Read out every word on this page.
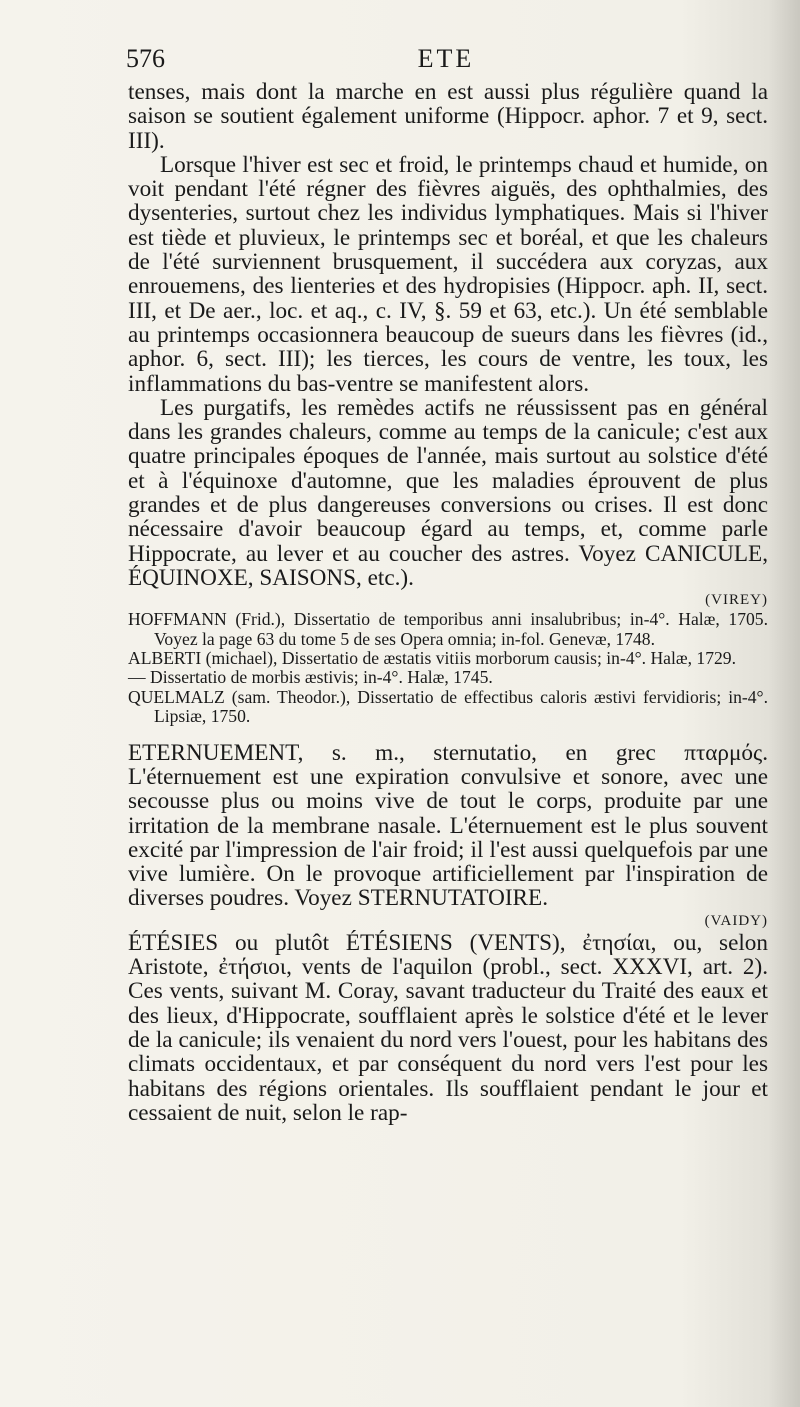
576	ETE

tenses, mais dont la marche en est aussi plus régulière quand la saison se soutient également uniforme (Hippocr. aphor. 7 et 9, sect. III).

Lorsque l'hiver est sec et froid, le printemps chaud et humide, on voit pendant l'été régner des fièvres aiguës, des ophthalmies, des dysenteries, surtout chez les individus lymphatiques. Mais si l'hiver est tiède et pluvieux, le printemps sec et boréal, et que les chaleurs de l'été surviennent brusquement, il succédera aux coryzas, aux enrouemens, des lienteries et des hydropisies (Hippocr. aph. II, sect. III, et De aer., loc. et aq., c. IV, §. 59 et 63, etc.). Un été semblable au printemps occasionnera beaucoup de sueurs dans les fièvres (id., aphor. 6, sect. III); les tierces, les cours de ventre, les toux, les inflammations du bas-ventre se manifestent alors.

Les purgatifs, les remèdes actifs ne réussissent pas en général dans les grandes chaleurs, comme au temps de la canicule; c'est aux quatre principales époques de l'année, mais surtout au solstice d'été et à l'équinoxe d'automne, que les maladies éprouvent de plus grandes et de plus dangereuses conversions ou crises. Il est donc nécessaire d'avoir beaucoup égard au temps, et, comme parle Hippocrate, au lever et au coucher des astres. Voyez CANICULE, ÉQUINOXE, SAISONS, etc.).

(VIREY)

HOFFMANN (Frid.), Dissertatio de temporibus anni insalubribus; in-4°. Halæ, 1705. Voyez la page 63 du tome 5 de ses Opera omnia; in-fol. Genevæ, 1748.

ALBERTI (michael), Dissertatio de æstatis vitiis morborum causis; in-4°. Halæ, 1729.

— Dissertatio de morbis æstivis; in-4°. Halæ, 1745.

QUELMALZ (sam. Theodor.), Dissertatio de effectibus caloris æstivi fervidioris; in-4°. Lipsiæ, 1750.

ETERNUEMENT, s. m., sternutatio, en grec πταρμός. L'éternuement est une expiration convulsive et sonore, avec une secousse plus ou moins vive de tout le corps, produite par une irritation de la membrane nasale. L'éternuement est le plus souvent excité par l'impression de l'air froid; il l'est aussi quelquefois par une vive lumière. On le provoque artificiellement par l'inspiration de diverses poudres. Voyez STERNUTATOIRE.

(VAIDY)

ÉTÉSIES ou plutôt ÉTÉSIENS (VENTS), ἐτησίαι, ou, selon Aristote, ἐτήσιοι, vents de l'aquilon (probl., sect. XXXVI, art. 2). Ces vents, suivant M. Coray, savant traducteur du Traité des eaux et des lieux, d'Hippocrate, soufflaient après le solstice d'été et le lever de la canicule; ils venaient du nord vers l'ouest, pour les habitans des climats occidentaux, et par conséquent du nord vers l'est pour les habitans des régions orientales. Ils soufflaient pendant le jour et cessaient de nuit, selon le rap-
